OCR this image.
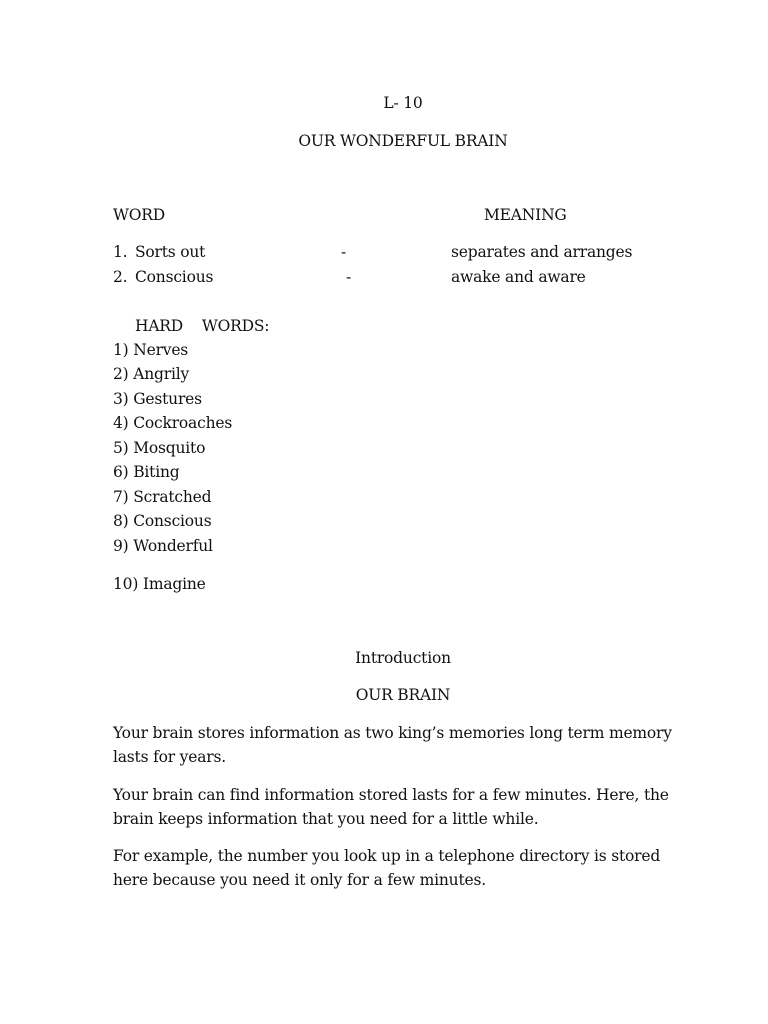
L- 10
OUR WONDERFUL BRAIN
WORD	MEANING
1. Sorts out	-	separates and arranges
2. Conscious	-	awake and aware
HARD    WORDS:
1) Nerves
2) Angrily
3) Gestures
4) Cockroaches
5) Mosquito
6) Biting
7) Scratched
8) Conscious
9) Wonderful
10) Imagine
Introduction
OUR BRAIN
Your brain stores information as two king’s memories long term memory lasts for years.
Your brain can find information stored lasts for a few minutes. Here, the brain keeps information that you need for a little while.
For example, the number you look up in a telephone directory is stored here because you need it only for a few minutes.
